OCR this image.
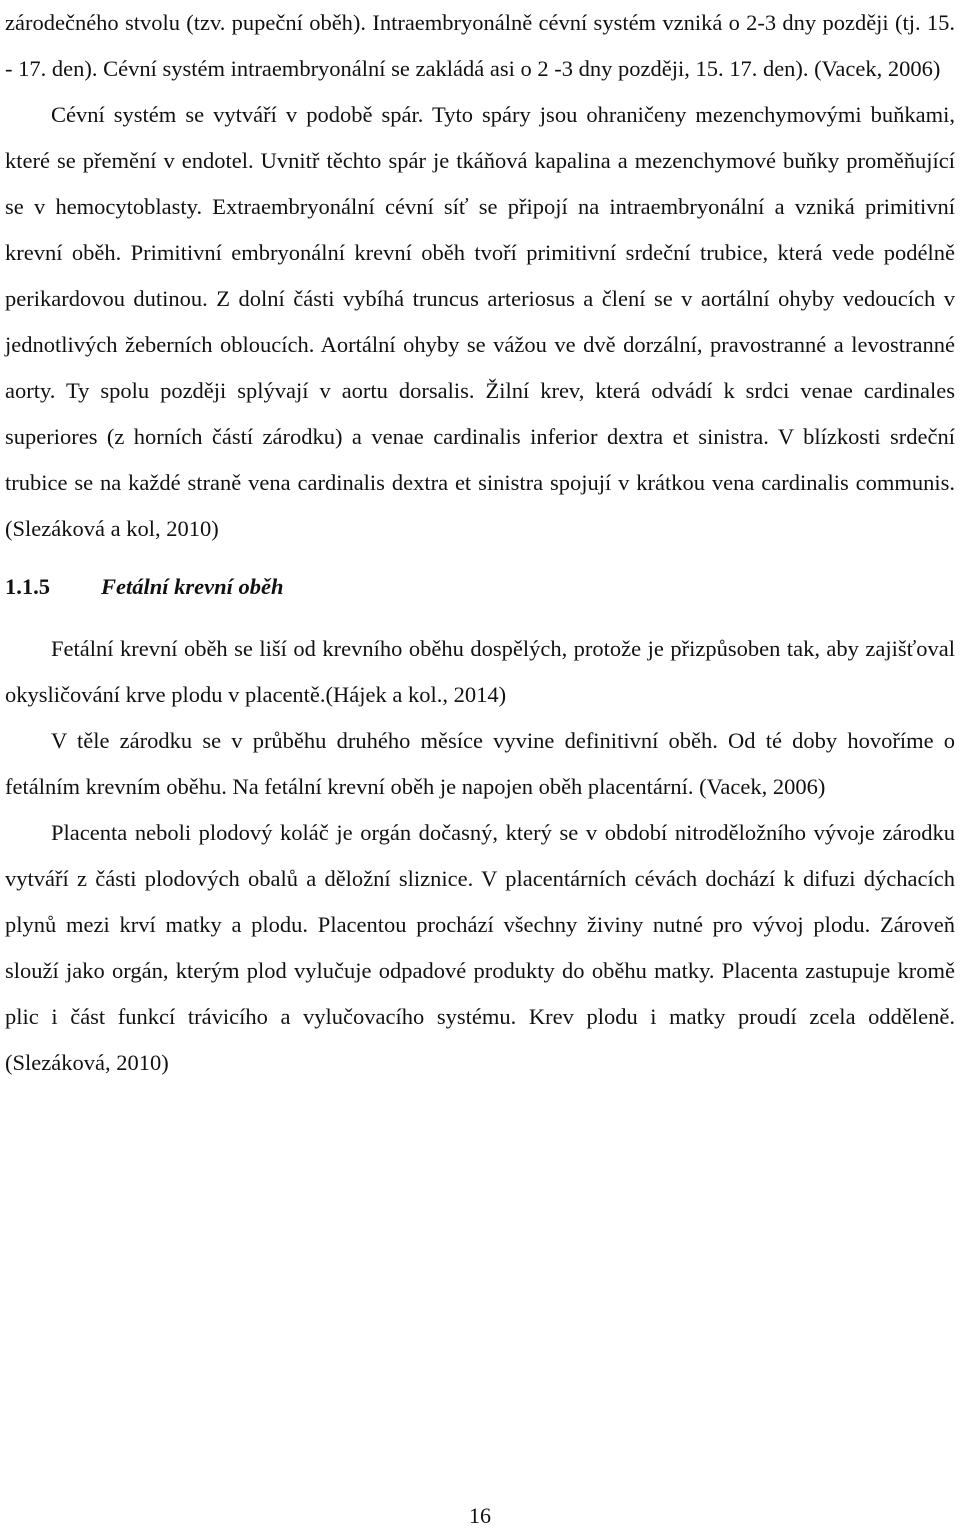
zárodečného stvolu (tzv. pupeční oběh). Intraembryonálně cévní systém vzniká o 2-3 dny později (tj. 15. - 17. den). Cévní systém intraembryonální se zakládá asi o 2 -3 dny později, 15. 17. den). (Vacek, 2006)

Cévní systém se vytváří v podobě spár. Tyto spáry jsou ohraničeny mezenchymovými buňkami, které se přemění v endotel. Uvnitř těchto spár je tkáňová kapalina a mezenchymové buňky proměňující se v hemocytoblasty. Extraembryonální cévní síť se připojí na intraembryonální a vzniká primitivní krevní oběh. Primitivní embryonální krevní oběh tvoří primitivní srdeční trubice, která vede podélně perikardovou dutinou. Z dolní části vybíhá truncus arteriosus a člení se v aortální ohyby vedoucích v jednotlivých žeberních obloucích. Aortální ohyby se vážou ve dvě dorzální, pravostranné a levostranné aorty. Ty spolu později splývají v aortu dorsalis. Žilní krev, která odvádí k srdci venae cardinales superiores (z horních částí zárodku) a venae cardinalis inferior dextra et sinistra. V blízkosti srdeční trubice se na každé straně vena cardinalis dextra et sinistra spojují v krátkou vena cardinalis communis. (Slezáková a kol, 2010)

1.1.5	Fetální krevní oběh

Fetální krevní oběh se liší od krevního oběhu dospělých, protože je přizpůsoben tak, aby zajišťoval okysličování krve plodu v placentě.(Hájek a kol., 2014)

V těle zárodku se v průběhu druhého měsíce vyvine definitivní oběh. Od té doby hovoříme o fetálním krevním oběhu. Na fetální krevní oběh je napojen oběh placentární. (Vacek, 2006)

Placenta neboli plodový koláč je orgán dočasný, který se v období nitroděložního vývoje zárodku vytváří z části plodových obalů a děložní sliznice. V placentárních cévách dochází k difuzi dýchacích plynů mezi krví matky a plodu. Placentou prochází všechny živiny nutné pro vývoj plodu. Zároveň slouží jako orgán, kterým plod vylučuje odpadové produkty do oběhu matky. Placenta zastupuje kromě plic i část funkcí trávicího a vylučovacího systému. Krev plodu i matky proudí zcela odděleně. (Slezáková, 2010)

16
